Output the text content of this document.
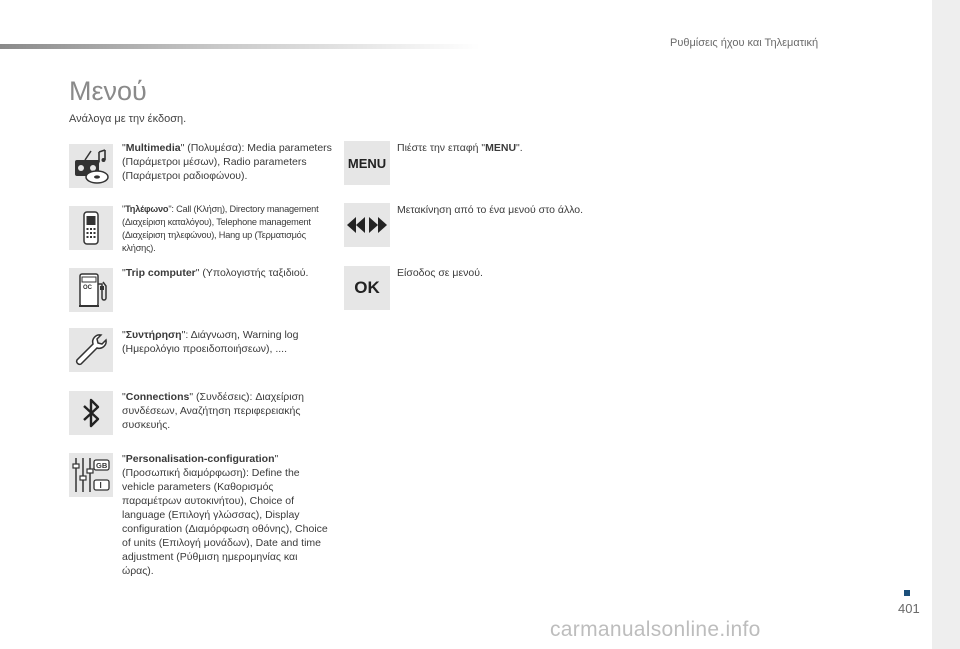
Ρυθμίσεις ήχου και Τηλεματική
Μενού
Ανάλογα με την έκδοση.
"Multimedia" (Πολυμέσα): Media parameters (Παράμετροι μέσων), Radio parameters (Παράμετροι ραδιοφώνου).
"Τηλέφωνο": Call (Κλήση), Directory management (Διαχείριση καταλόγου), Telephone management (Διαχείριση τηλεφώνου), Hang up (Τερματισμός κλήσης).
OC
"Trip computer" (Υπολογιστής ταξιδιού.
"Συντήρηση": Διάγνωση, Warning log (Ημερολόγιο προειδοποιήσεων), ....
"Connections" (Συνδέσεις): Διαχείριση συνδέσεων, Αναζήτηση περιφερειακής συσκευής.
GB
I
"Personalisation-configuration" (Προσωπική διαμόρφωση): Define the vehicle parameters (Καθορισμός παραμέτρων αυτοκινήτου), Choice of language (Επιλογή γλώσσας), Display configuration (Διαμόρφωση οθόνης), Choice of units (Επιλογή μονάδων), Date and time adjustment (Ρύθμιση ημερομηνίας και ώρας).
MENU
Πιέστε την επαφή "MENU".
Μετακίνηση από το ένα μενού στο άλλο.
OK
Είσοδος σε μενού.
401
carmanualsonline.info
